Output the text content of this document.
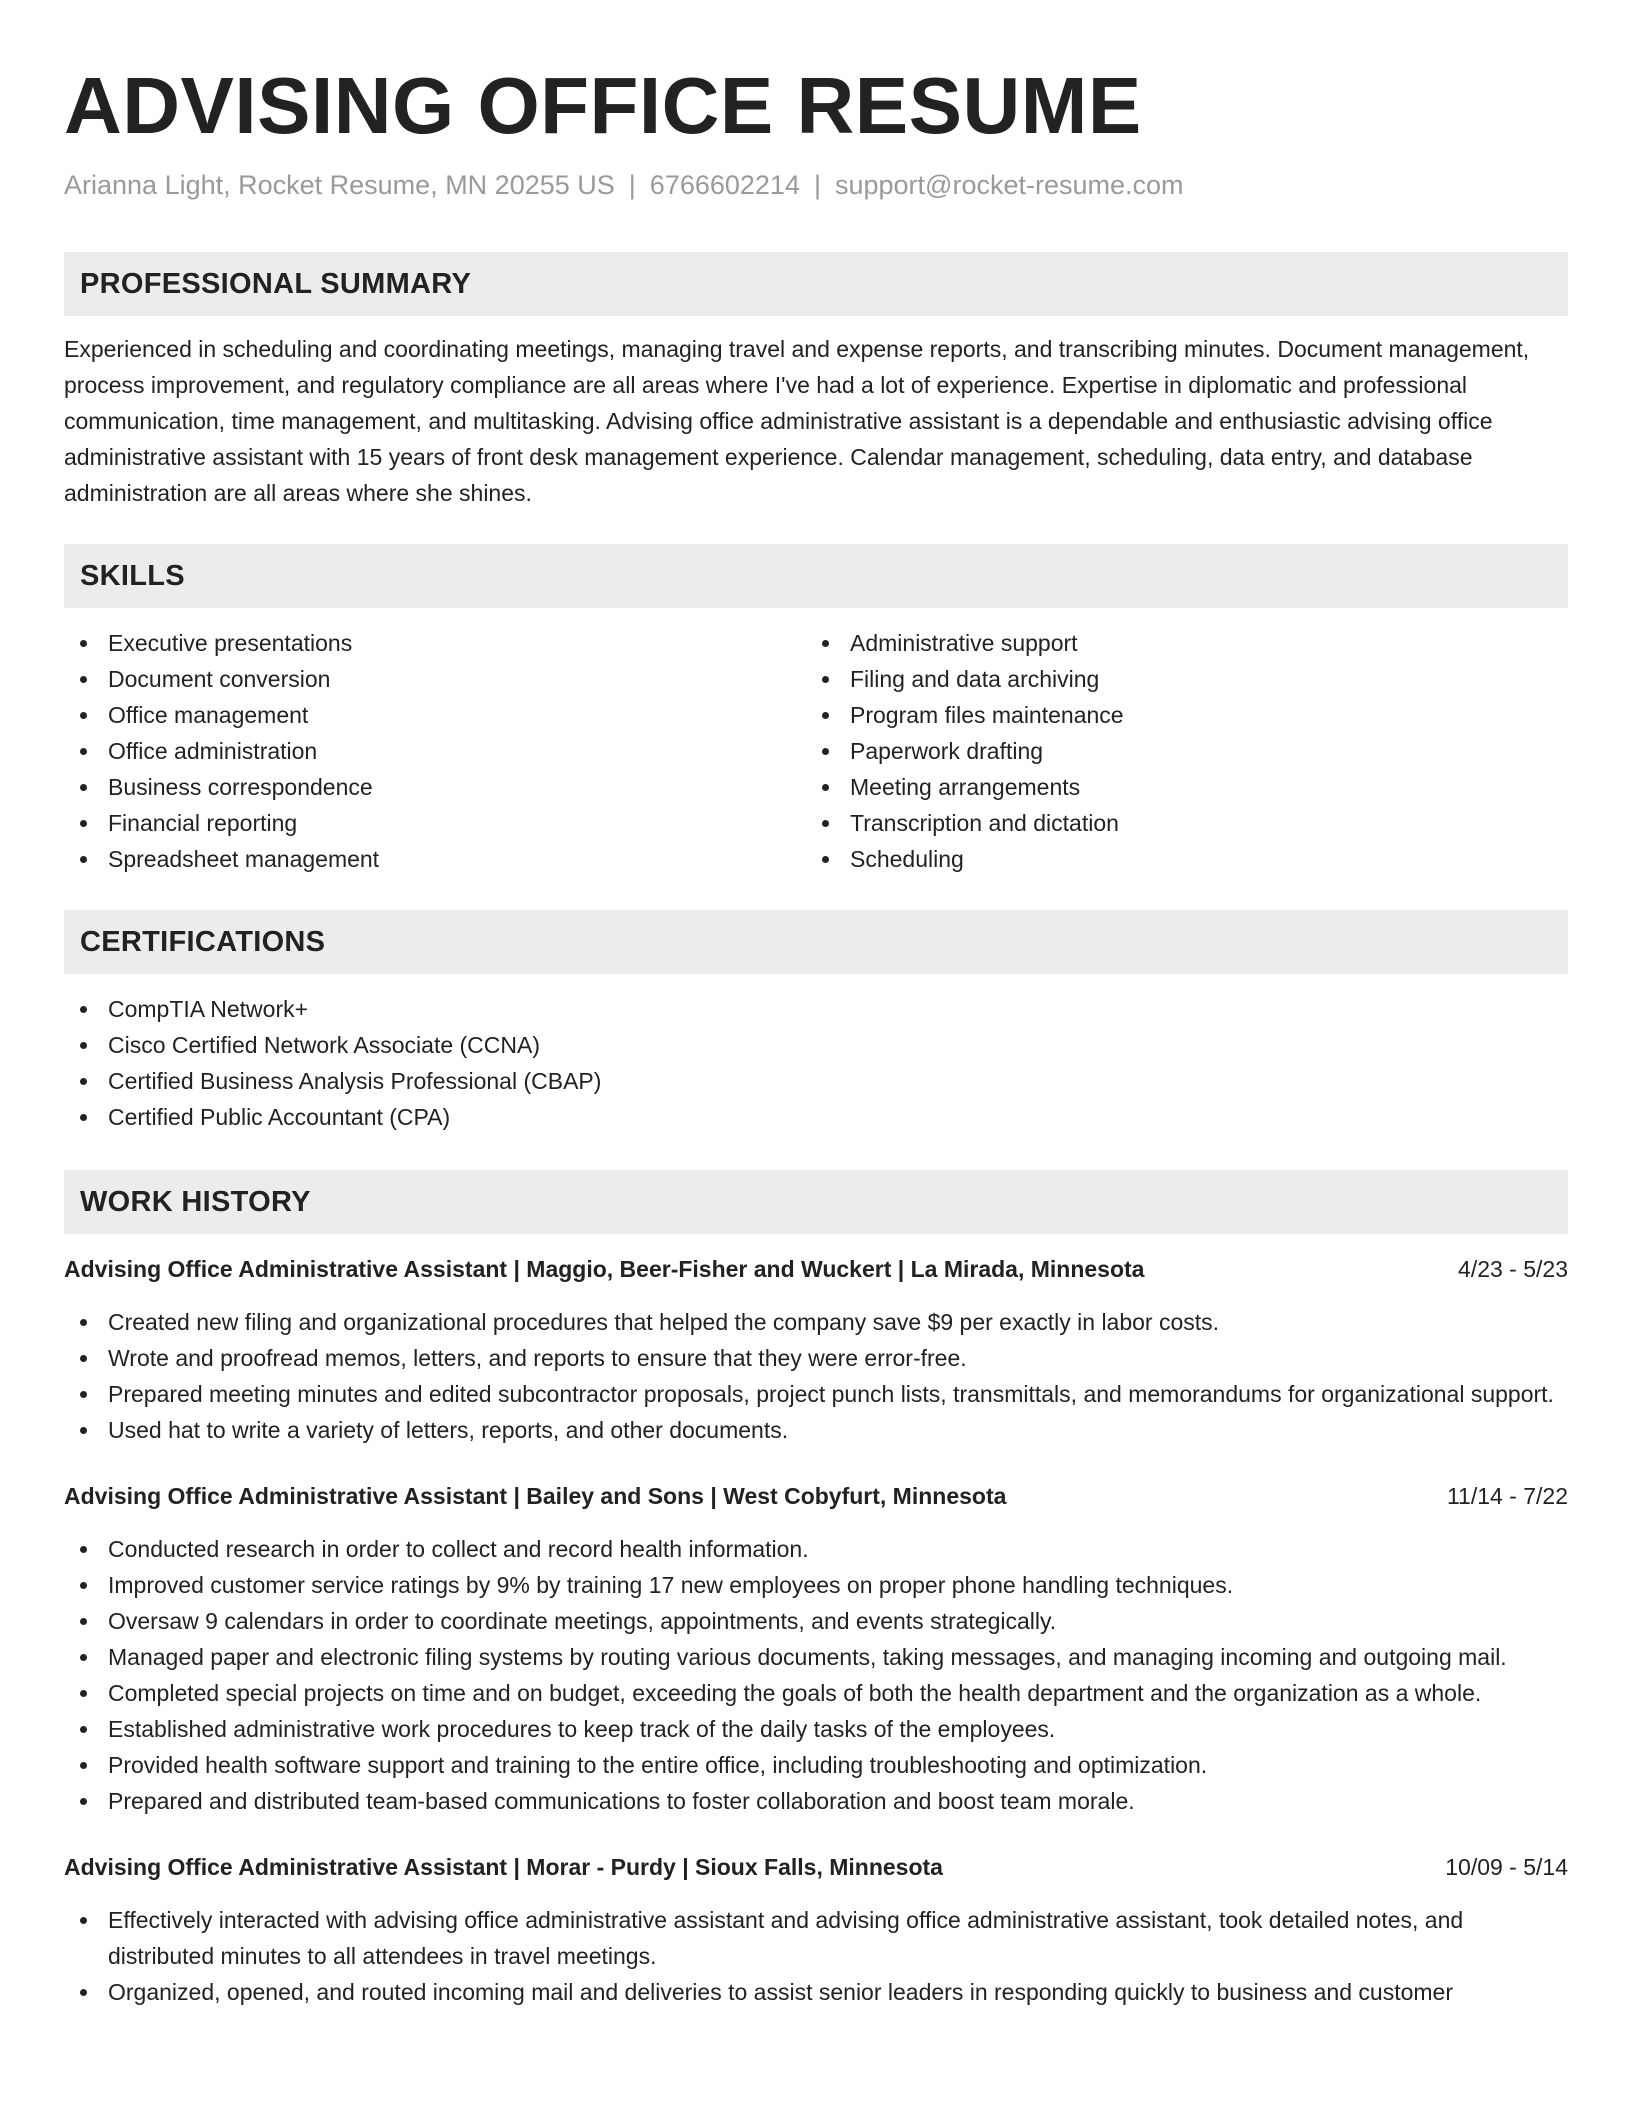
ADVISING OFFICE RESUME
Arianna Light, Rocket Resume, MN 20255 US | 6766602214 | support@rocket-resume.com
PROFESSIONAL SUMMARY
Experienced in scheduling and coordinating meetings, managing travel and expense reports, and transcribing minutes. Document management, process improvement, and regulatory compliance are all areas where I've had a lot of experience. Expertise in diplomatic and professional communication, time management, and multitasking. Advising office administrative assistant is a dependable and enthusiastic advising office administrative assistant with 15 years of front desk management experience. Calendar management, scheduling, data entry, and database administration are all areas where she shines.
SKILLS
Executive presentations
Document conversion
Office management
Office administration
Business correspondence
Financial reporting
Spreadsheet management
Administrative support
Filing and data archiving
Program files maintenance
Paperwork drafting
Meeting arrangements
Transcription and dictation
Scheduling
CERTIFICATIONS
CompTIA Network+
Cisco Certified Network Associate (CCNA)
Certified Business Analysis Professional (CBAP)
Certified Public Accountant (CPA)
WORK HISTORY
Advising Office Administrative Assistant | Maggio, Beer-Fisher and Wuckert | La Mirada, Minnesota	4/23 - 5/23
Created new filing and organizational procedures that helped the company save $9 per exactly in labor costs.
Wrote and proofread memos, letters, and reports to ensure that they were error-free.
Prepared meeting minutes and edited subcontractor proposals, project punch lists, transmittals, and memorandums for organizational support.
Used hat to write a variety of letters, reports, and other documents.
Advising Office Administrative Assistant | Bailey and Sons | West Cobyfurt, Minnesota	11/14 - 7/22
Conducted research in order to collect and record health information.
Improved customer service ratings by 9% by training 17 new employees on proper phone handling techniques.
Oversaw 9 calendars in order to coordinate meetings, appointments, and events strategically.
Managed paper and electronic filing systems by routing various documents, taking messages, and managing incoming and outgoing mail.
Completed special projects on time and on budget, exceeding the goals of both the health department and the organization as a whole.
Established administrative work procedures to keep track of the daily tasks of the employees.
Provided health software support and training to the entire office, including troubleshooting and optimization.
Prepared and distributed team-based communications to foster collaboration and boost team morale.
Advising Office Administrative Assistant | Morar - Purdy | Sioux Falls, Minnesota	10/09 - 5/14
Effectively interacted with advising office administrative assistant and advising office administrative assistant, took detailed notes, and distributed minutes to all attendees in travel meetings.
Organized, opened, and routed incoming mail and deliveries to assist senior leaders in responding quickly to business and customer
